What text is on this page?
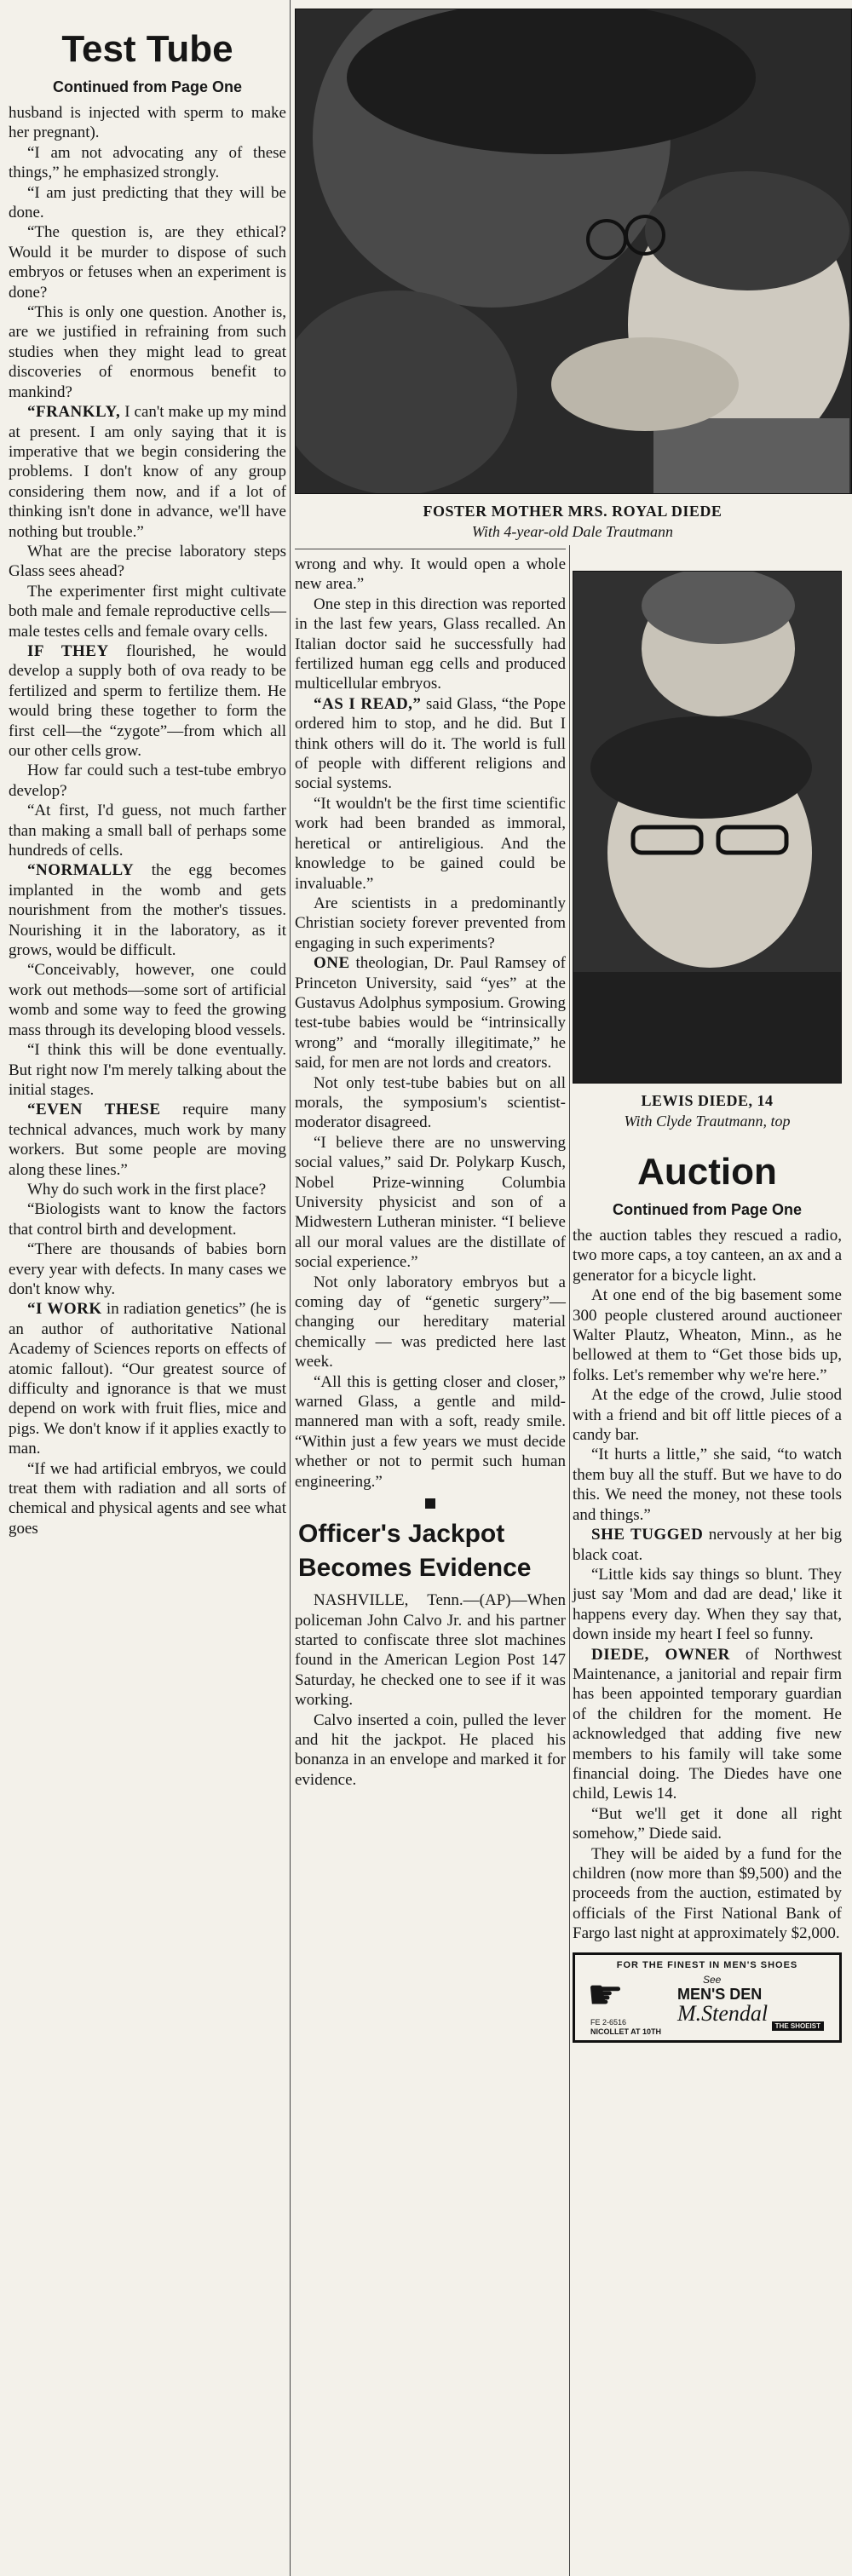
Test Tube
Continued from Page One

husband is injected with sperm to make her pregnant).

“I am not advocating any of these things,” he emphasized strongly.

“I am just predicting that they will be done.

“The question is, are they ethical? Would it be murder to dispose of such embryos or fetuses when an experiment is done?

“This is only one question. Another is, are we justified in refraining from such studies when they might lead to great discoveries of enormous benefit to mankind?

“FRANKLY, I can't make up my mind at present. I am only saying that it is imperative that we begin considering the problems. I don't know of any group considering them now, and if a lot of thinking isn't done in advance, we'll have nothing but trouble.”

What are the precise laboratory steps Glass sees ahead?

The experimenter first might cultivate both male and female reproductive cells—male testes cells and female ovary cells.

IF THEY flourished, he would develop a supply both of ova ready to be fertilized and sperm to fertilize them. He would bring these together to form the first cell—the “zygote”—from which all our other cells grow.

How far could such a test-tube embryo develop?

“At first, I'd guess, not much farther than making a small ball of perhaps some hundreds of cells.

“NORMALLY the egg becomes implanted in the womb and gets nourishment from the mother's tissues. Nourishing it in the laboratory, as it grows, would be difficult.

“Conceivably, however, one could work out methods—some sort of artificial womb and some way to feed the growing mass through its developing blood vessels.

“I think this will be done eventually. But right now I'm merely talking about the initial stages.

“EVEN THESE require many technical advances, much work by many workers. But some people are moving along these lines.”

Why do such work in the first place?

“Biologists want to know the factors that control birth and development.

“There are thousands of babies born every year with defects. In many cases we don't know why.

“I WORK in radiation genetics” (he is an author of authoritative National Academy of Sciences reports on effects of atomic fallout). “Our greatest source of difficulty and ignorance is that we must depend on work with fruit flies, mice and pigs. We don't know if it applies exactly to man.

“If we had artificial embryos, we could treat them with radiation and all sorts of chemical and physical agents and see what goes

FOSTER MOTHER MRS. ROYAL DIEDE
With 4-year-old Dale Trautmann

wrong and why. It would open a whole new area.”

One step in this direction was reported in the last few years, Glass recalled. An Italian doctor said he successfully had fertilized human egg cells and produced multicellular embryos.

“AS I READ,” said Glass, “the Pope ordered him to stop, and he did. But I think others will do it. The world is full of people with different religions and social systems.

“It wouldn't be the first time scientific work had been branded as immoral, heretical or antireligious. And the knowledge to be gained could be invaluable.”

Are scientists in a predominantly Christian society forever prevented from engaging in such experiments?

ONE theologian, Dr. Paul Ramsey of Princeton University, said “yes” at the Gustavus Adolphus symposium. Growing test-tube babies would be “intrinsically wrong” and “morally illegitimate,” he said, for men are not lords and creators.

Not only test-tube babies but on all morals, the symposium's scientist-moderator disagreed.

“I believe there are no unswerving social values,” said Dr. Polykarp Kusch, Nobel Prize-winning Columbia University physicist and son of a Midwestern Lutheran minister. “I believe all our moral values are the distillate of social experience.”

Not only laboratory embryos but a coming day of “genetic surgery”—changing our hereditary material chemically — was predicted here last week.

“All this is getting closer and closer,” warned Glass, a gentle and mild-mannered man with a soft, ready smile. “Within just a few years we must decide whether or not to permit such human engineering.”

Officer's Jackpot
Becomes Evidence

NASHVILLE, Tenn.—(AP)—When policeman John Calvo Jr. and his partner started to confiscate three slot machines found in the American Legion Post 147 Saturday, he checked one to see if it was working.

Calvo inserted a coin, pulled the lever and hit the jackpot. He placed his bonanza in an envelope and marked it for evidence.

LEWIS DIEDE, 14
With Clyde Trautmann, top
Auction
Continued from Page One

the auction tables they rescued a radio, two more caps, a toy canteen, an ax and a generator for a bicycle light.

At one end of the big basement some 300 people clustered around auctioneer Walter Plautz, Wheaton, Minn., as he bellowed at them to “Get those bids up, folks. Let's remember why we're here.”

At the edge of the crowd, Julie stood with a friend and bit off little pieces of a candy bar.

“It hurts a little,” she said, “to watch them buy all the stuff. But we have to do this. We need the money, not these tools and things.”

SHE TUGGED nervously at her big black coat.

“Little kids say things so blunt. They just say 'Mom and dad are dead,' like it happens every day. When they say that, down inside my heart I feel so funny.

DIEDE, OWNER of Northwest Maintenance, a janitorial and repair firm has been appointed temporary guardian of the children for the moment. He acknowledged that adding five new members to his family will take some financial doing. The Diedes have one child, Lewis 14.

“But we'll get it done all right somehow,” Diede said.

They will be aided by a fund for the children (now more than $9,500) and the proceeds from the auction, estimated by officials of the First National Bank of Fargo last night at approximately $2,000.

FOR THE FINEST IN MEN'S SHOES
☛	See
MEN'S DEN
M.Stendal
THE SHOEIST
FE 2-6516
NICOLLET AT 10TH
